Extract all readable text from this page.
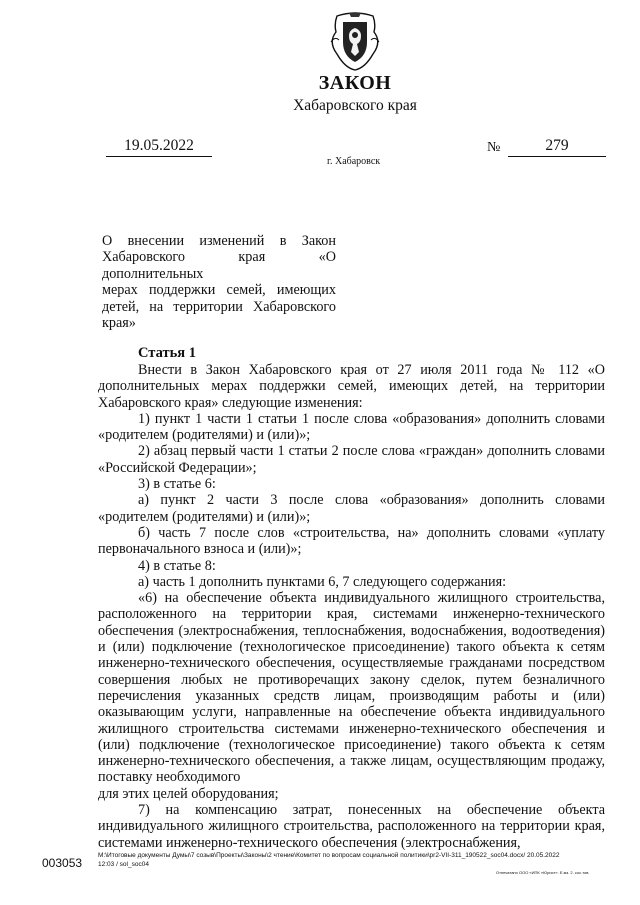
ЗАКОН
Хабаровского края
19.05.2022	№	279
г. Хабаровск

О внесении изменений в Закон

Хабаровского края «О дополнительных

мерах поддержки семей, имеющих

детей, на территории Хабаровского

края»

Статья 1

Внести в Закон Хабаровского края от 27 июля 2011 года № 112 «О дополнительных мерах поддержки семей, имеющих детей, на территории Хабаровского края» следующие изменения:

1) пункт 1 части 1 статьи 1 после слова «образования» дополнить словами «родителем (родителями) и (или)»;

2) абзац первый части 1 статьи 2 после слова «граждан» дополнить словами «Российской Федерации»;

3) в статье 6:

а) пункт 2 части 3 после слова «образования» дополнить словами «родителем (родителями) и (или)»;

б) часть 7 после слов «строительства, на» дополнить словами «уплату первоначального взноса и (или)»;

4) в статье 8:

а) часть 1 дополнить пунктами 6, 7 следующего содержания:

«6) на обеспечение объекта индивидуального жилищного строительства, расположенного на территории края, системами инженерно-технического обеспечения (электроснабжения, теплоснабжения, водоснабжения, водоотведения) и (или) подключение (технологическое присоединение) такого объекта к сетям инженерно-технического обеспечения, осуществляемые гражданами посредством совершения любых не противоречащих закону сделок, путем безналичного перечисления указанных средств лицам, производящим работы и (или) оказывающим услуги, направленные на обеспечение объекта индивидуального жилищного строительства системами инженерно-технического обеспечения и (или) подключение (технологическое присоединение) такого объекта к сетям инженерно-технического обеспечения, а также лицам, осуществляющим продажу, поставку необходимого

для этих целей оборудования;

7) на компенсацию затрат, понесенных на обеспечение объекта индивидуального жилищного строительства, расположенного на территории края, системами инженерно-технического обеспечения (электроснабжения,

003053
М:\Итоговые документы Думы\7 созыв\Проекты\Законы\2 чтение\Комитет по вопросам социальной политики\pr2-VII-311_190522_soc04.docx/ 20.05.2022
12:03 / sol_soc04
Отпечатано ООО «ИПК «Юрист». Е.мз. 2. сос.тов.
